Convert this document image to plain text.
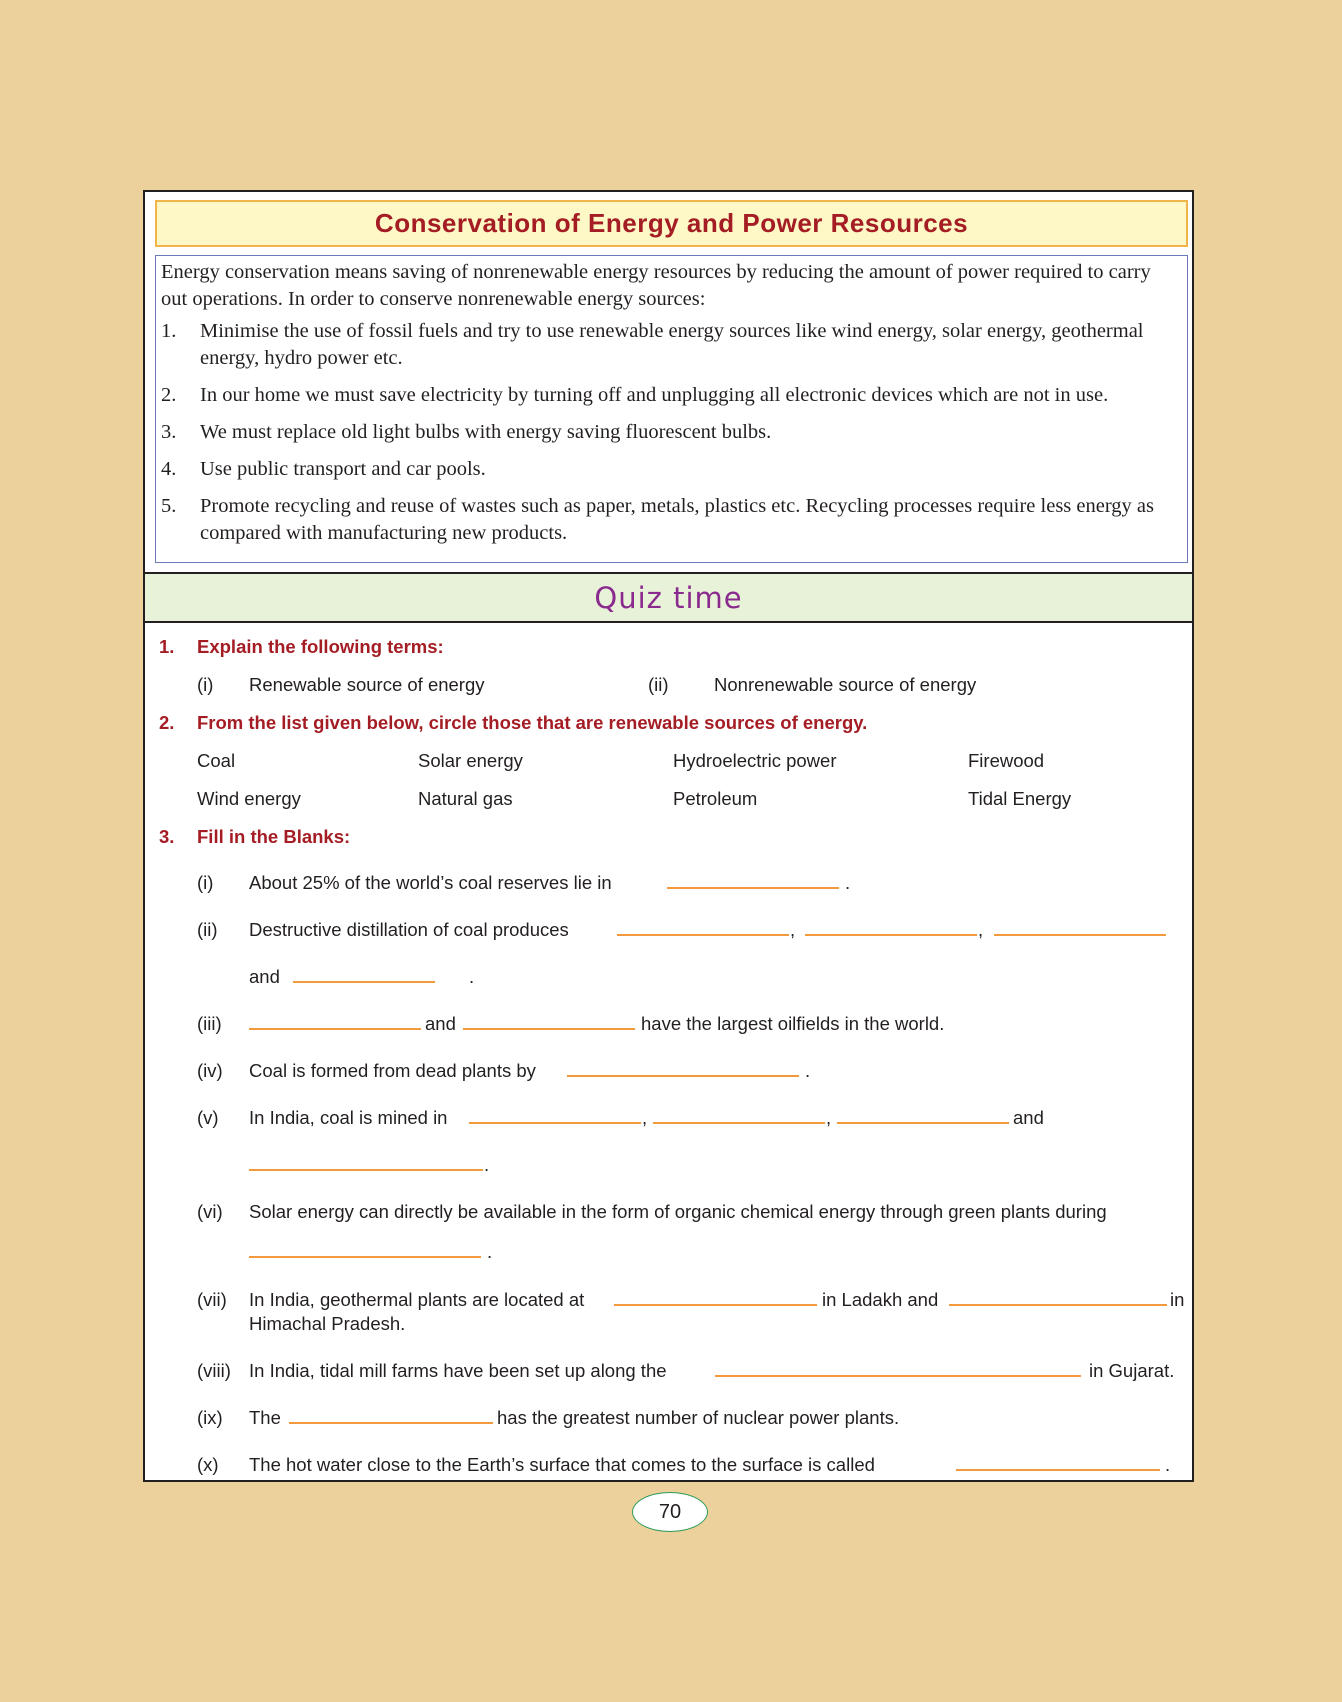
Conservation of Energy and Power Resources

Energy conservation means saving of nonrenewable energy resources by reducing the amount of power required to carry out operations. In order to conserve nonrenewable energy sources:

1.	Minimise the use of fossil fuels and try to use renewable energy sources like wind energy, solar energy, geothermal energy, hydro power etc.
2.	In our home we must save electricity by turning off and unplugging all electronic devices which are not in use.
3.	We must replace old light bulbs with energy saving fluorescent bulbs.
4.	Use public transport and car pools.
5.	Promote recycling and reuse of wastes such as paper, metals, plastics etc. Recycling processes require less energy as compared with manufacturing new products.
Quiz time
1. Explain the following terms:
(i) Renewable source of energy	(ii) Nonrenewable source of energy
2. From the list given below, circle those that are renewable sources of energy.
Coal	Solar energy	Hydroelectric power	Firewood
Wind energy	Natural gas	Petroleum	Tidal Energy
3. Fill in the Blanks:
(i) About 25% of the world’s coal reserves lie in	.
(ii) Destructive distillation of coal produces	,	,
and	.
(iii)	and	have the largest oilfields in the world.
(iv) Coal is formed from dead plants by	.
(v) In India, coal is mined in	,	,	and
.
(vi) Solar energy can directly be available in the form of organic chemical energy through green plants during
.
(vii) In India, geothermal plants are located at	in Ladakh and	in
Himachal Pradesh.
(viii) In India, tidal mill farms have been set up along the	in Gujarat.
(ix) The	has the greatest number of nuclear power plants.
(x) The hot water close to the Earth’s surface that comes to the surface is called	.
70
